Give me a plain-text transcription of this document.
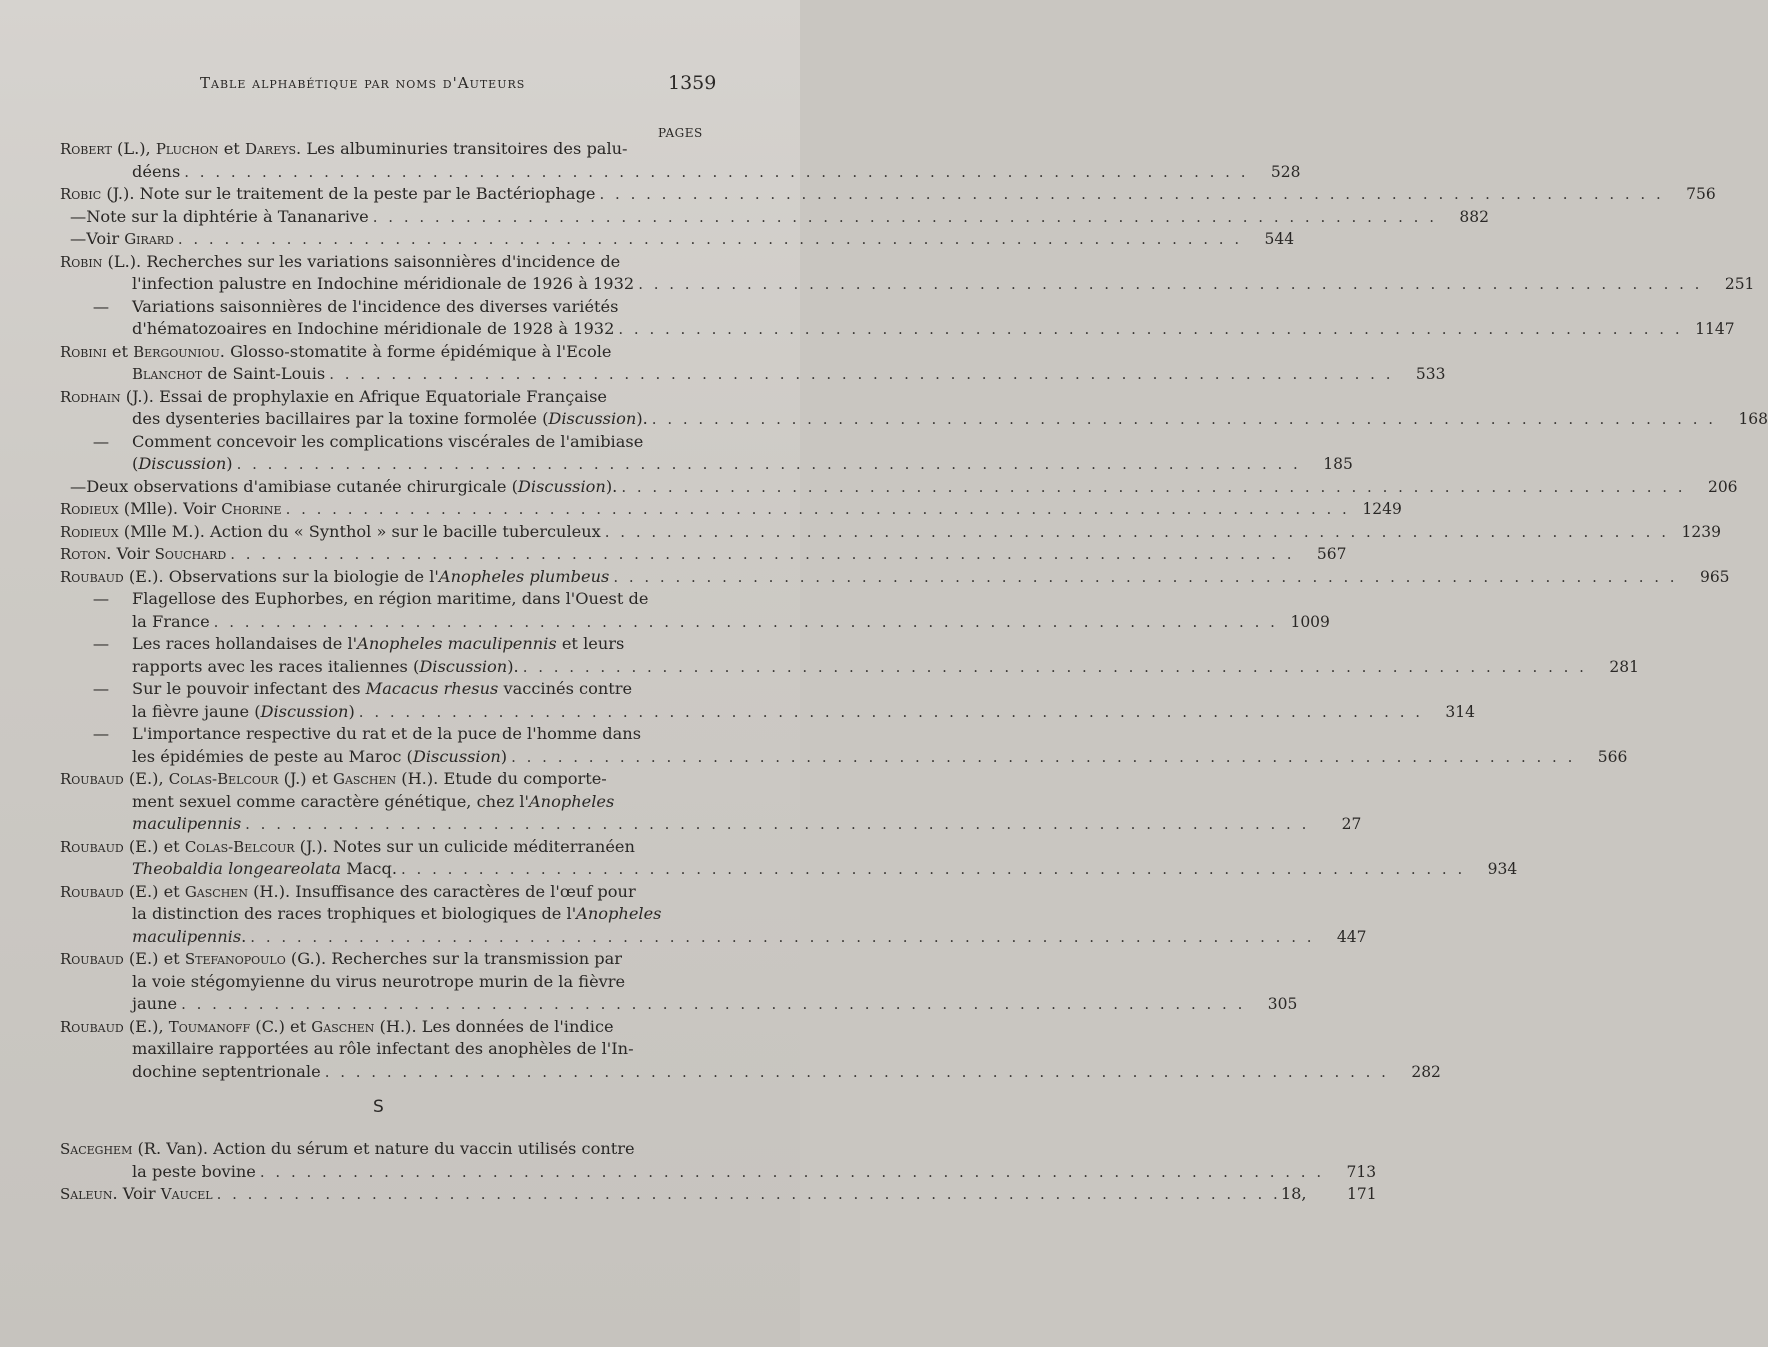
Table alphabétique par noms d'Auteurs	1359
PAGES
Robert (L.), Pluchon et Dareys. Les albuminuries transitoires des palu-
déens . . .	528
Robic (J.). Note sur le traitement de la peste par le Bactériophage . . .	756
— Note sur la diphtérie à Tananarive . . .	882
— Voir Girard . . .	544
Robin (L.). Recherches sur les variations saisonnières d'incidence de
l'infection palustre en Indochine méridionale de 1926 à 1932 . . .	251
—	Variations saisonnières de l'incidence des diverses variétés
d'hématozoaires en Indochine méridionale de 1928 à 1932 . . .	1147
Robini et Bergouniou. Glosso-stomatite à forme épidémique à l'Ecole
Blanchot de Saint-Louis . . .	533
Rodhain (J.). Essai de prophylaxie en Afrique Equatoriale Française
des dysenteries bacillaires par la toxine formolée (Discussion). . . .	168
—	Comment concevoir les complications viscérales de l'amibiase
(Discussion) . . .	185
— Deux observations d'amibiase cutanée chirurgicale (Discussion). . . .	206
Rodieux (Mlle). Voir Chorine . . .	1249
Rodieux (Mlle M.). Action du « Synthol » sur le bacille tuberculeux . . .	1239
Roton. Voir Souchard . . .	567
Roubaud (E.). Observations sur la biologie de l'Anopheles plumbeus . . .	965
—	Flagellose des Euphorbes, en région maritime, dans l'Ouest de
la France . . .	1009
—	Les races hollandaises de l'Anopheles maculipennis et leurs
rapports avec les races italiennes (Discussion). . . .	281
—	Sur le pouvoir infectant des Macacus rhesus vaccinés contre
la fièvre jaune (Discussion) . . .	314
—	L'importance respective du rat et de la puce de l'homme dans
les épidémies de peste au Maroc (Discussion) . . .	566
Roubaud (E.), Colas-Belcour (J.) et Gaschen (H.). Etude du comporte-
ment sexuel comme caractère génétique, chez l'Anopheles
maculipennis . . .	27
Roubaud (E.) et Colas-Belcour (J.). Notes sur un culicide méditerranéen
Theobaldia longeareolata Macq. . . .	934
Roubaud (E.) et Gaschen (H.). Insuffisance des caractères de l'œuf pour
la distinction des races trophiques et biologiques de l'Anopheles
maculipennis. . . .	447
Roubaud (E.) et Stefanopoulo (G.). Recherches sur la transmission par
la voie stégomyienne du virus neurotrope murin de la fièvre
jaune . . .	305
Roubaud (E.), Toumanoff (C.) et Gaschen (H.). Les données de l'indice
maxillaire rapportées au rôle infectant des anophèles de l'In-
dochine septentrionale . . .	282
S
Saceghem (R. Van). Action du sérum et nature du vaccin utilisés contre
la peste bovine . . .	713
Saleun. Voir Vaucel . . .	18,	171
